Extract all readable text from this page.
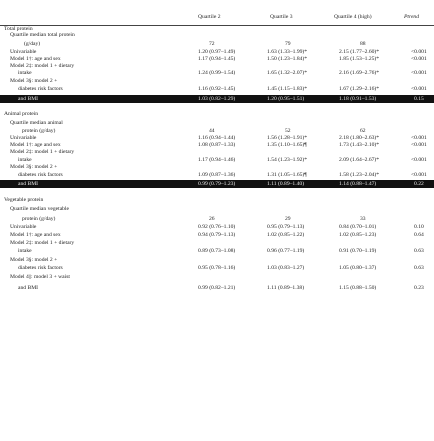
Quartile 2	Quartile 3	Quartile 4 (high)	Ptrend
Total protein
Quartile median total protein
(g/day)	72	79	88
Univariable	1.20 (0.97–1.49)	1.63 (1.33–1.99)*	2.15 (1.77–2.60)*	<0.001
Model 1†: age and sex	1.17 (0.94–1.45)	1.50 (1.23–1.84)*	1.85 (1.53–1.25)*	<0.001
Model 2‡: model 1 + dietary
intake	1.24 (0.99–1.54)	1.65 (1.32–2.07)*	2.16 (1.69–2.76)*	<0.001
Model 3§: model 2 +
diabetes risk factors	1.16 (0.92–1.45)	1.45 (1.15–1.83)*	1.67 (1.29–2.16)*	<0.001
and BMI	1.03 (0.82–1.29)	1.20 (0.95–1.51)	1.18 (0.91–1.53)	0.15
Animal protein
Quartile median animal
protein (g/day)	44	52	62
Univariable	1.16 (0.94–1.44)	1.56 (1.28–1.91)*	2.18 (1.80–2.63)*	<0.001
Model 1†: age and sex	1.08 (0.87–1.33)	1.35 (1.10–1.65)¶	1.73 (1.43–2.10)*	<0.001
Model 2‡: model 1 + dietary
intake	1.17 (0.94–1.46)	1.54 (1.23–1.92)*	2.09 (1.64–2.67)*	<0.001
Model 3§: model 2 +
diabetes risk factors	1.09 (0.87–1.36)	1.31 (1.05–1.65)¶	1.58 (1.23–2.04)*	<0.001
and BMI	0.99 (0.79–1.23)	1.11 (0.89–1.40)	1.14 (0.88–1.47)	0.22
Vegetable protein
Quartile median vegetable
protein (g/day)	26	29	33
Univariable	0.92 (0.76–1.10)	0.95 (0.79–1.13)	0.84 (0.70–1.01)	0.10
Model 1†: age and sex	0.94 (0.79–1.13)	1.02 (0.85–1.22)	1.02 (0.85–1.23)	0.64
Model 2‡: model 1 + dietary
intake	0.89 (0.73–1.08)	0.96 (0.77–1.19)	0.91 (0.70–1.19)	0.63
Model 3§: model 2 +
diabetes risk factors	0.95 (0.78–1.16)	1.03 (0.83–1.27)	1.05 (0.80–1.37)	0.63
Model 4||: model 3 + waist
and BMI	0.99 (0.82–1.21)	1.11 (0.89–1.38)	1.15 (0.88–1.50)	0.23
